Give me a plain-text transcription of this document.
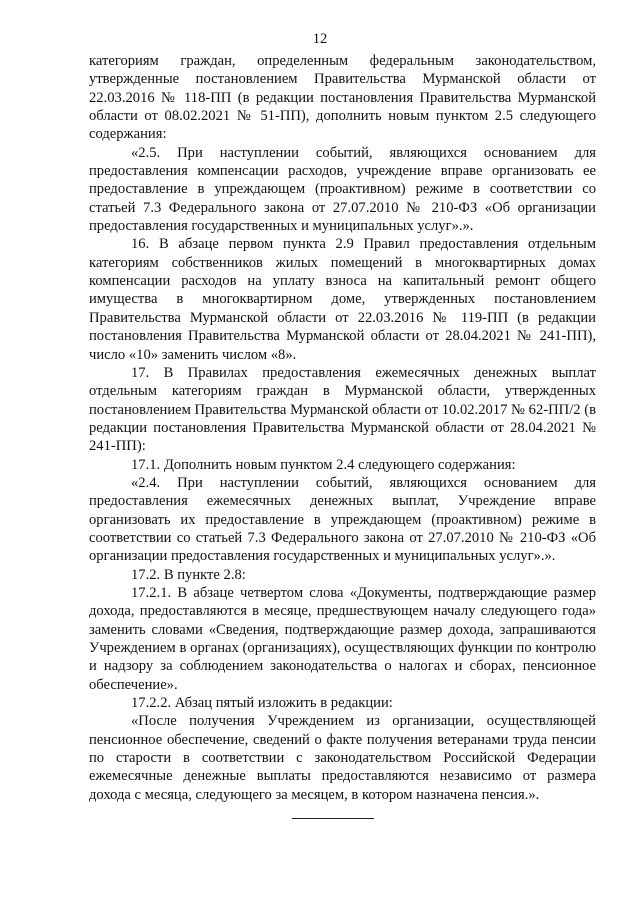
12

категориям граждан, определенным федеральным законодательством, утвержденные постановлением Правительства Мурманской области от 22.03.2016 № 118-ПП (в редакции постановления Правительства Мурманской области от 08.02.2021 № 51-ПП), дополнить новым пунктом 2.5 следующего содержания:

«2.5. При наступлении событий, являющихся основанием для предоставления компенсации расходов, учреждение вправе организовать ее предоставление в упреждающем (проактивном) режиме в соответствии со статьей 7.3 Федерального закона от 27.07.2010 № 210-ФЗ «Об организации предоставления государственных и муниципальных услуг».».

16. В абзаце первом пункта 2.9 Правил предоставления отдельным категориям собственников жилых помещений в многоквартирных домах компенсации расходов на уплату взноса на капитальный ремонт общего имущества в многоквартирном доме, утвержденных постановлением Правительства Мурманской области от 22.03.2016 № 119-ПП (в редакции постановления Правительства Мурманской области от 28.04.2021 № 241-ПП), число «10» заменить числом «8».

17. В Правилах предоставления ежемесячных денежных выплат отдельным категориям граждан в Мурманской области, утвержденных постановлением Правительства Мурманской области от 10.02.2017 № 62-ПП/2 (в редакции постановления Правительства Мурманской области от 28.04.2021 № 241-ПП):

17.1. Дополнить новым пунктом 2.4 следующего содержания:

«2.4. При наступлении событий, являющихся основанием для предоставления ежемесячных денежных выплат, Учреждение вправе организовать их предоставление в упреждающем (проактивном) режиме в соответствии со статьей 7.3 Федерального закона от 27.07.2010 № 210-ФЗ «Об организации предоставления государственных и муниципальных услуг».».

17.2. В пункте 2.8:

17.2.1. В абзаце четвертом слова «Документы, подтверждающие размер дохода, предоставляются в месяце, предшествующем началу следующего года» заменить словами «Сведения, подтверждающие размер дохода, запрашиваются Учреждением в органах (организациях), осуществляющих функции по контролю и надзору за соблюдением законодательства о налогах и сборах, пенсионное обеспечение».

17.2.2. Абзац пятый изложить в редакции:

«После получения Учреждением из организации, осуществляющей пенсионное обеспечение, сведений о факте получения ветеранами труда пенсии по старости в соответствии с законодательством Российской Федерации ежемесячные денежные выплаты предоставляются независимо от размера дохода с месяца, следующего за месяцем, в котором назначена пенсия.».
